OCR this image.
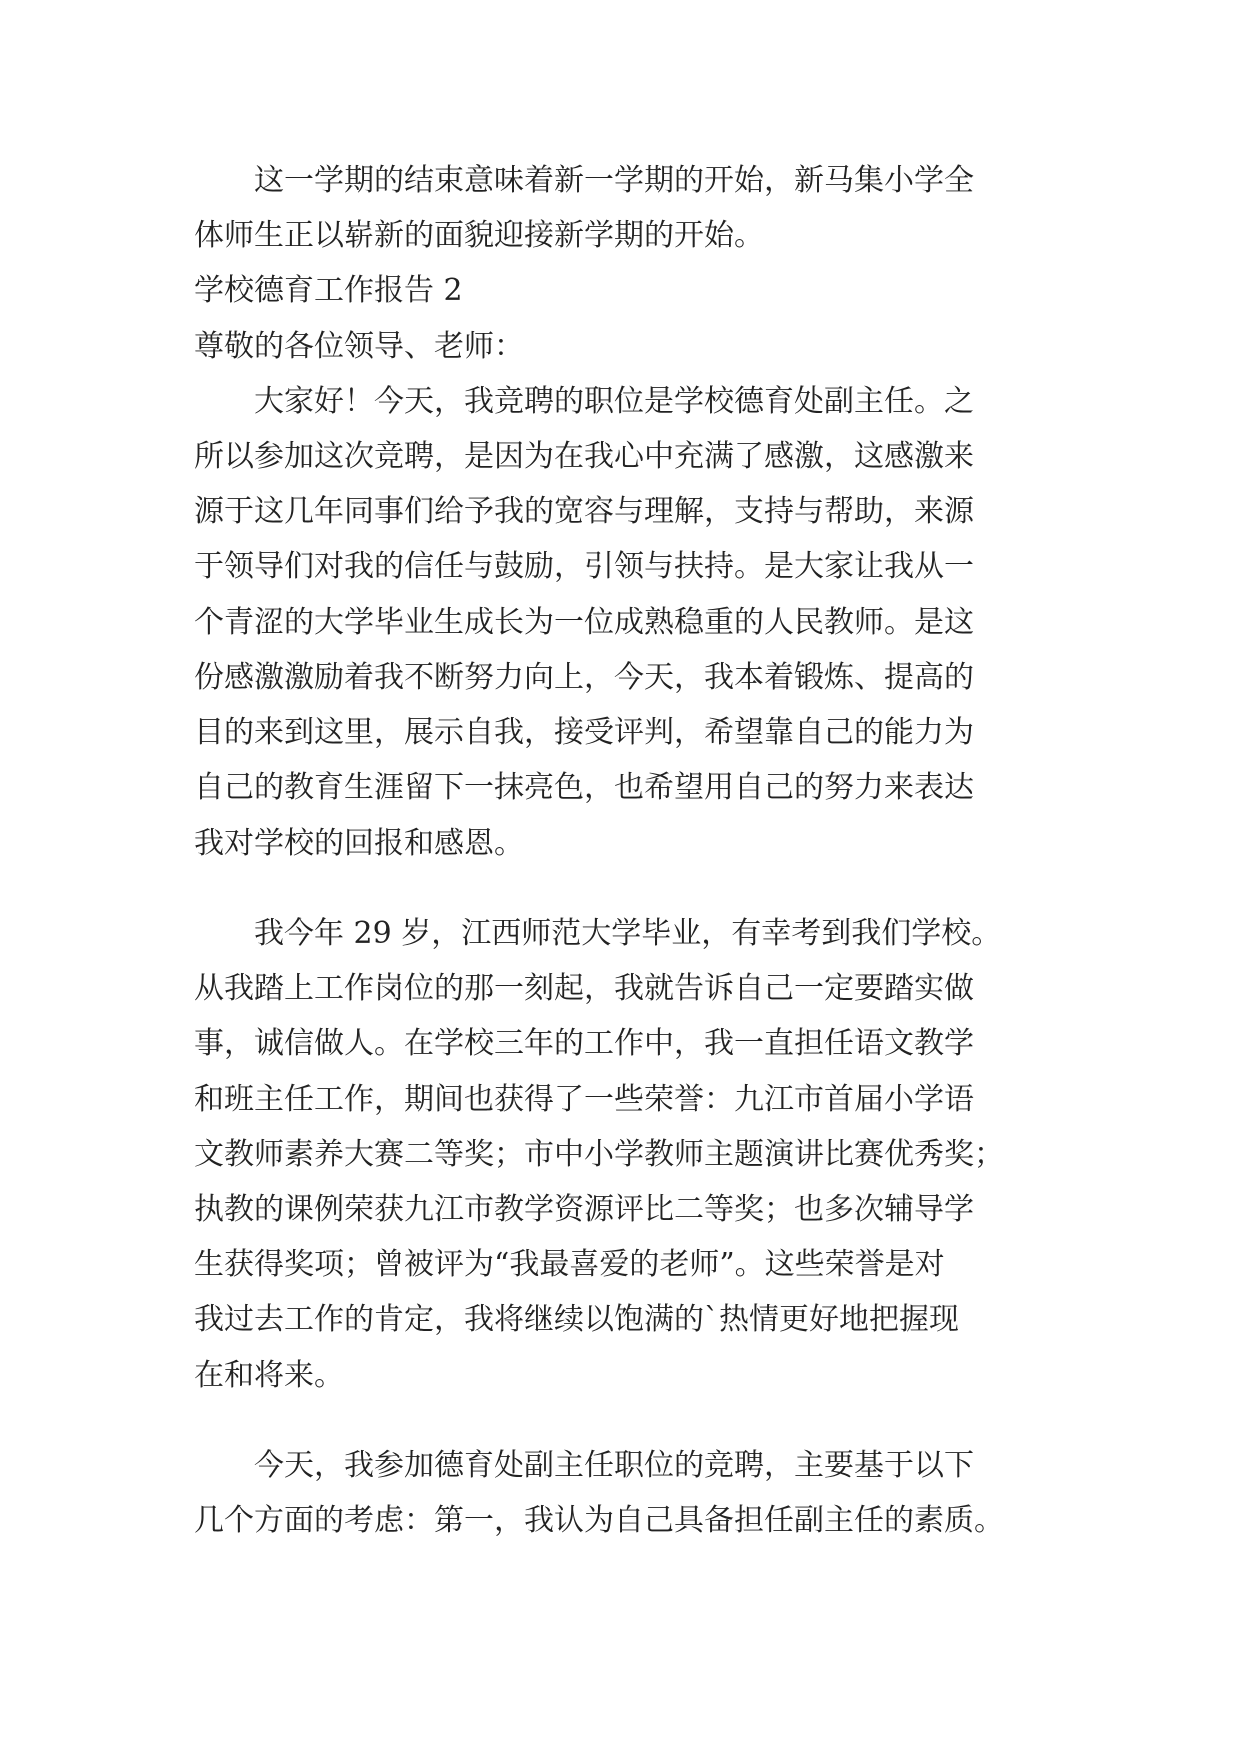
这一学期的结束意味着新一学期的开始，新马集小学全
体师生正以崭新的面貌迎接新学期的开始。
学校德育工作报告 2
尊敬的各位领导、老师：
大家好！今天，我竞聘的职位是学校德育处副主任。之
所以参加这次竞聘，是因为在我心中充满了感激，这感激来
源于这几年同事们给予我的宽容与理解，支持与帮助，来源
于领导们对我的信任与鼓励，引领与扶持。是大家让我从一
个青涩的大学毕业生成长为一位成熟稳重的人民教师。是这
份感激激励着我不断努力向上，今天，我本着锻炼、提高的
目的来到这里，展示自我，接受评判，希望靠自己的能力为
自己的教育生涯留下一抹亮色，也希望用自己的努力来表达
我对学校的回报和感恩。
我今年 29 岁，江西师范大学毕业，有幸考到我们学校。
从我踏上工作岗位的那一刻起，我就告诉自己一定要踏实做
事，诚信做人。在学校三年的工作中，我一直担任语文教学
和班主任工作，期间也获得了一些荣誉：九江市首届小学语
文教师素养大赛二等奖；市中小学教师主题演讲比赛优秀奖；
执教的课例荣获九江市教学资源评比二等奖；也多次辅导学
生获得奖项；曾被评为“我最喜爱的老师”。这些荣誉是对
我过去工作的肯定，我将继续以饱满的`热情更好地把握现
在和将来。
今天，我参加德育处副主任职位的竞聘，主要基于以下
几个方面的考虑：第一，我认为自己具备担任副主任的素质。
